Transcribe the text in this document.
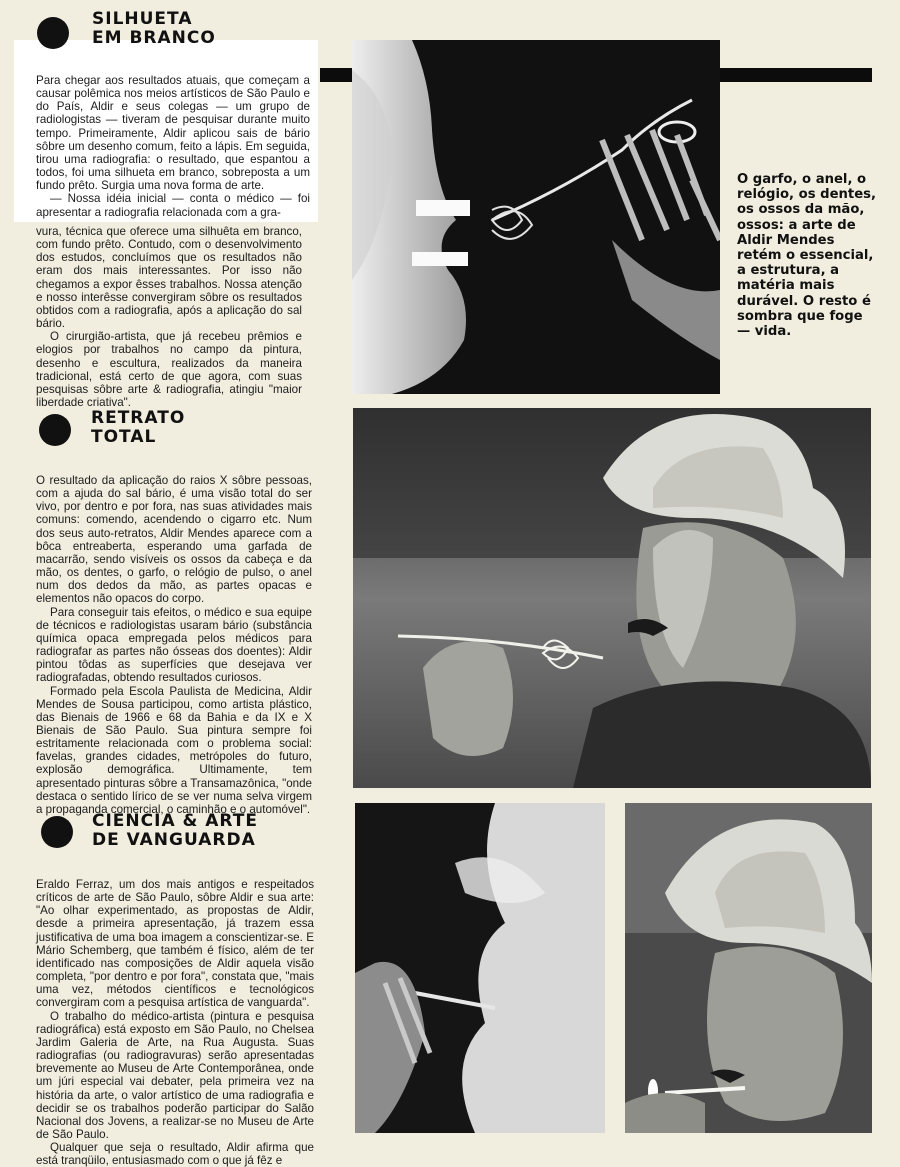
SILHUETA
EM BRANCO

Para chegar aos resultados atuais, que começam a causar polêmica nos meios artísticos de São Paulo e do País, Aldir e seus colegas — um grupo de radiologistas — tiveram de pesquisar durante muito tempo. Primeiramente, Aldir aplicou sais de bário sôbre um desenho comum, feito a lápis. Em seguida, tirou uma radiografia: o resultado, que espantou a todos, foi uma silhueta em branco, sobreposta a um fundo prêto. Surgia uma nova forma de arte.

— Nossa idéia inicial — conta o médico — foi apresentar a radiografia relacionada com a gra-

vura, técnica que oferece uma silhuêta em branco, com fundo prêto. Contudo, com o desenvolvimento dos estudos, concluímos que os resultados não eram dos mais interessantes. Por isso não chegamos a expor êsses trabalhos. Nossa atenção e nosso interêsse convergiram sôbre os resultados obtidos com a radiografia, após a aplicação do sal bário.

O cirurgião-artista, que já recebeu prêmios e elogios por trabalhos no campo da pintura, desenho e escultura, realizados da maneira tradicional, está certo de que agora, com suas pesquisas sôbre arte & radiografia, atingiu "maior liberdade criativa".

O garfo, o anel, o relógio, os dentes, os ossos da mão, ossos: a arte de Aldir Mendes retém o essencial, a estrutura, a matéria mais durável. O resto é sombra que foge — vida.
RETRATO
TOTAL

O resultado da aplicação do raios X sôbre pessoas, com a ajuda do sal bário, é uma visão total do ser vivo, por dentro e por fora, nas suas atividades mais comuns: comendo, acendendo o cigarro etc. Num dos seus auto-retratos, Aldir Mendes aparece com a bôca entreaberta, esperando uma garfada de macarrão, sendo visíveis os ossos da cabeça e da mão, os dentes, o garfo, o relógio de pulso, o anel num dos dedos da mão, as partes opacas e elementos não opacos do corpo.

Para conseguir tais efeitos, o médico e sua equipe de técnicos e radiologistas usaram bário (substância química opaca empregada pelos médicos para radiografar as partes não ósseas dos doentes): Aldir pintou tôdas as superfícies que desejava ver radiografadas, obtendo resultados curiosos.

Formado pela Escola Paulista de Medicina, Aldir Mendes de Sousa participou, como artista plástico, das Bienais de 1966 e 68 da Bahia e da IX e X Bienais de São Paulo. Sua pintura sempre foi estritamente relacionada com o problema social: favelas, grandes cidades, metrópoles do futuro, explosão demográfica. Ultimamente, tem apresentado pinturas sôbre a Transamazônica, "onde destaca o sentido lírico de se ver numa selva virgem a propaganda comercial, o caminhão e o automóvel".

CIENCIA & ARTE
DE VANGUARDA

Eraldo Ferraz, um dos mais antigos e respeitados críticos de arte de São Paulo, sôbre Aldir e sua arte: "Ao olhar experimentado, as propostas de Aldir, desde a primeira apresentação, já trazem essa justificativa de uma boa imagem a conscientizar-se. E Mário Schemberg, que também é físico, além de ter identificado nas composições de Aldir aquela visão completa, "por dentro e por fora", constata que, "mais uma vez, métodos científicos e tecnológicos convergiram com a pesquisa artística de vanguarda".

O trabalho do médico-artista (pintura e pesquisa radiográfica) está exposto em São Paulo, no Chelsea Jardim Galeria de Arte, na Rua Augusta. Suas radiografias (ou radiogravuras) serão apresentadas brevemente ao Museu de Arte Contemporânea, onde um júri especial vai debater, pela primeira vez na história da arte, o valor artístico de uma radiografia e decidir se os trabalhos poderão participar do Salão Nacional dos Jovens, a realizar-se no Museu de Arte de São Paulo.

Qualquer que seja o resultado, Aldir afirma que está tranqüilo, entusiasmado com o que já fêz e
